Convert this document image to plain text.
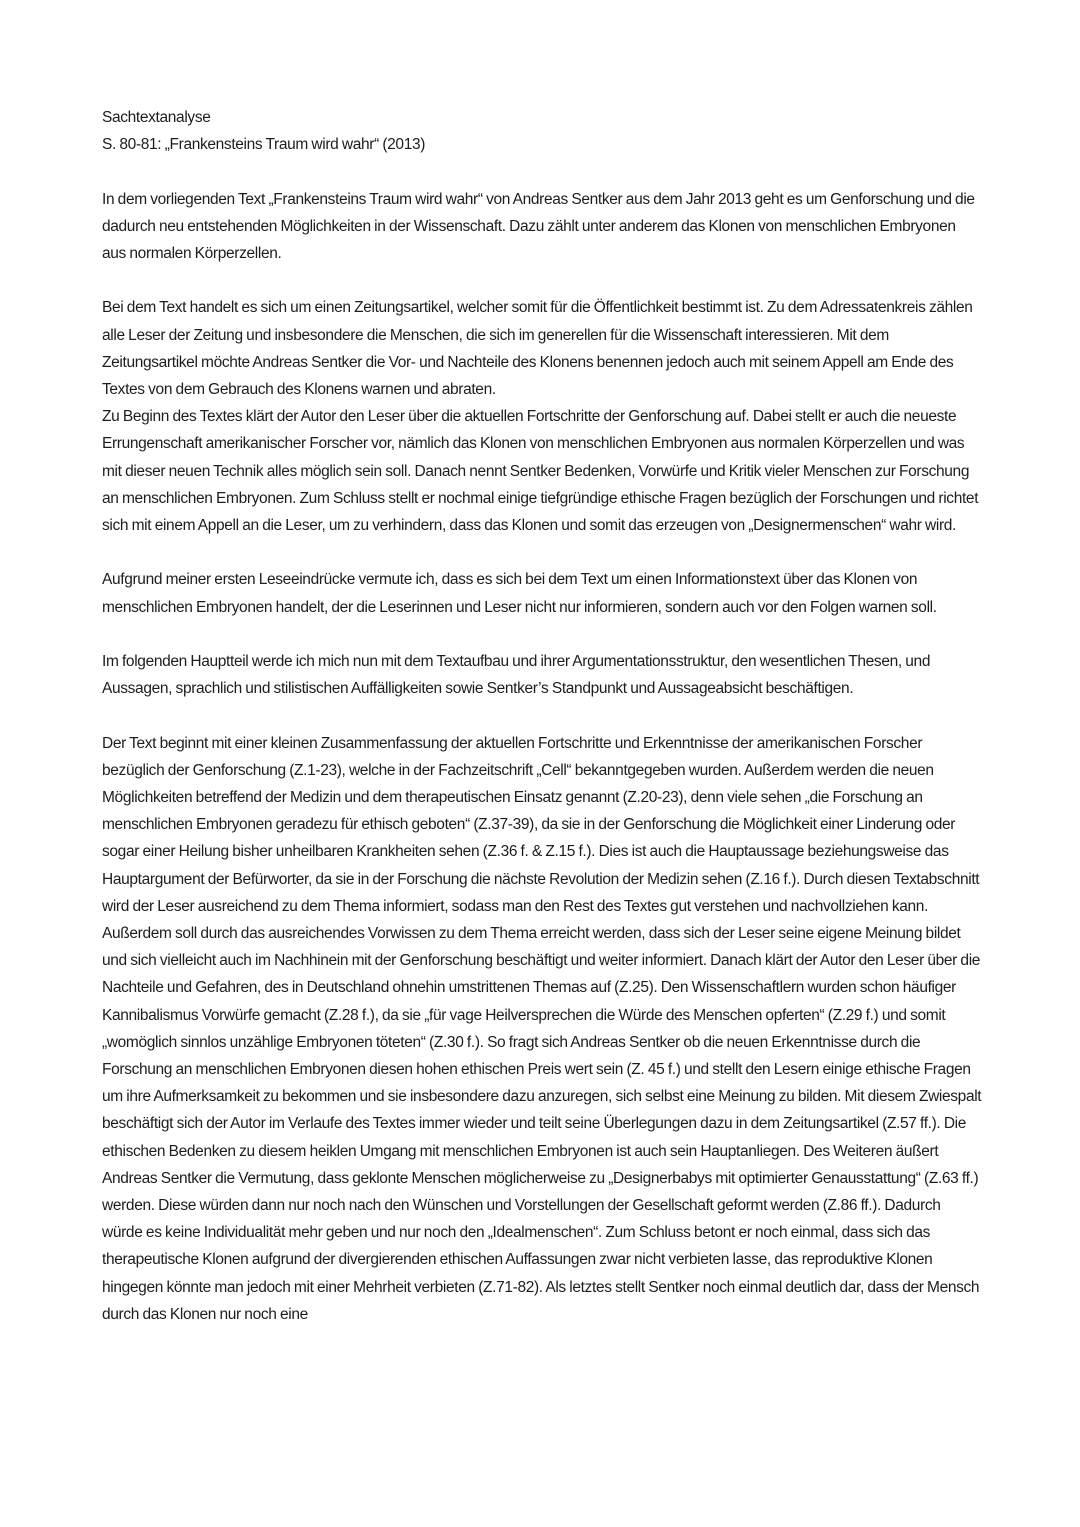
Sachtextanalyse

S. 80-81: „Frankensteins Traum wird wahr“ (2013)

In dem vorliegenden Text „Frankensteins Traum wird wahr“ von Andreas Sentker aus dem Jahr 2013 geht es um Genforschung und die dadurch neu entstehenden Möglichkeiten in der Wissenschaft. Dazu zählt unter anderem das Klonen von menschlichen Embryonen aus normalen Körperzellen.

Bei dem Text handelt es sich um einen Zeitungsartikel, welcher somit für die Öffentlichkeit bestimmt ist. Zu dem Adressatenkreis zählen alle Leser der Zeitung und insbesondere die Menschen, die sich im generellen für die Wissenschaft interessieren. Mit dem Zeitungsartikel möchte Andreas Sentker die Vor- und Nachteile des Klonens benennen jedoch auch mit seinem Appell am Ende des Textes von dem Gebrauch des Klonens warnen und abraten.

Zu Beginn des Textes klärt der Autor den Leser über die aktuellen Fortschritte der Genforschung auf. Dabei stellt er auch die neueste Errungenschaft amerikanischer Forscher vor, nämlich das Klonen von menschlichen Embryonen aus normalen Körperzellen und was mit dieser neuen Technik alles möglich sein soll. Danach nennt Sentker Bedenken, Vorwürfe und Kritik vieler Menschen zur Forschung an menschlichen Embryonen. Zum Schluss stellt er nochmal einige tiefgründige ethische Fragen bezüglich der Forschungen und richtet sich mit einem Appell an die Leser, um zu verhindern, dass das Klonen und somit das erzeugen von „Designermenschen“ wahr wird.

Aufgrund meiner ersten Leseeindrücke vermute ich, dass es sich bei dem Text um einen Informationstext über das Klonen von menschlichen Embryonen handelt, der die Leserinnen und Leser nicht nur informieren, sondern auch vor den Folgen warnen soll.

Im folgenden Hauptteil werde ich mich nun mit dem Textaufbau und ihrer Argumentationsstruktur, den wesentlichen Thesen, und Aussagen, sprachlich und stilistischen Auffälligkeiten sowie Sentker’s Standpunkt und Aussageabsicht beschäftigen.

Der Text beginnt mit einer kleinen Zusammenfassung der aktuellen Fortschritte und Erkenntnisse der amerikanischen Forscher bezüglich der Genforschung (Z.1-23), welche in der Fachzeitschrift „Cell“ bekanntgegeben wurden. Außerdem werden die neuen Möglichkeiten betreffend der Medizin und dem therapeutischen Einsatz genannt (Z.20-23), denn viele sehen „die Forschung an menschlichen Embryonen geradezu für ethisch geboten“ (Z.37-39), da sie in der Genforschung die Möglichkeit einer Linderung oder sogar einer Heilung bisher unheilbaren Krankheiten sehen (Z.36 f. & Z.15 f.). Dies ist auch die Hauptaussage beziehungsweise das Hauptargument der Befürworter, da sie in der Forschung die nächste Revolution der Medizin sehen (Z.16 f.). Durch diesen Textabschnitt wird der Leser ausreichend zu dem Thema informiert, sodass man den Rest des Textes gut verstehen und nachvollziehen kann. Außerdem soll durch das ausreichendes Vorwissen zu dem Thema erreicht werden, dass sich der Leser seine eigene Meinung bildet und sich vielleicht auch im Nachhinein mit der Genforschung beschäftigt und weiter informiert. Danach klärt der Autor den Leser über die Nachteile und Gefahren, des in Deutschland ohnehin umstrittenen Themas auf (Z.25). Den Wissenschaftlern wurden schon häufiger Kannibalismus Vorwürfe gemacht (Z.28 f.), da sie „für vage Heilversprechen die Würde des Menschen opferten“ (Z.29 f.) und somit „womöglich sinnlos unzählige Embryonen töteten“ (Z.30 f.). So fragt sich Andreas Sentker ob die neuen Erkenntnisse durch die Forschung an menschlichen Embryonen diesen hohen ethischen Preis wert sein (Z. 45 f.) und stellt den Lesern einige ethische Fragen um ihre Aufmerksamkeit zu bekommen und sie insbesondere dazu anzuregen, sich selbst eine Meinung zu bilden. Mit diesem Zwiespalt beschäftigt sich der Autor im Verlaufe des Textes immer wieder und teilt seine Überlegungen dazu in dem Zeitungsartikel (Z.57 ff.). Die ethischen Bedenken zu diesem heiklen Umgang mit menschlichen Embryonen ist auch sein Hauptanliegen. Des Weiteren äußert Andreas Sentker die Vermutung, dass geklonte Menschen möglicherweise zu „Designerbabys mit optimierter Genausstattung“ (Z.63 ff.) werden. Diese würden dann nur noch nach den Wünschen und Vorstellungen der Gesellschaft geformt werden (Z.86 ff.). Dadurch würde es keine Individualität mehr geben und nur noch den „Idealmenschen“. Zum Schluss betont er noch einmal, dass sich das therapeutische Klonen aufgrund der divergierenden ethischen Auffassungen zwar nicht verbieten lasse, das reproduktive Klonen hingegen könnte man jedoch mit einer Mehrheit verbieten (Z.71-82). Als letztes stellt Sentker noch einmal deutlich dar, dass der Mensch durch das Klonen nur noch eine
